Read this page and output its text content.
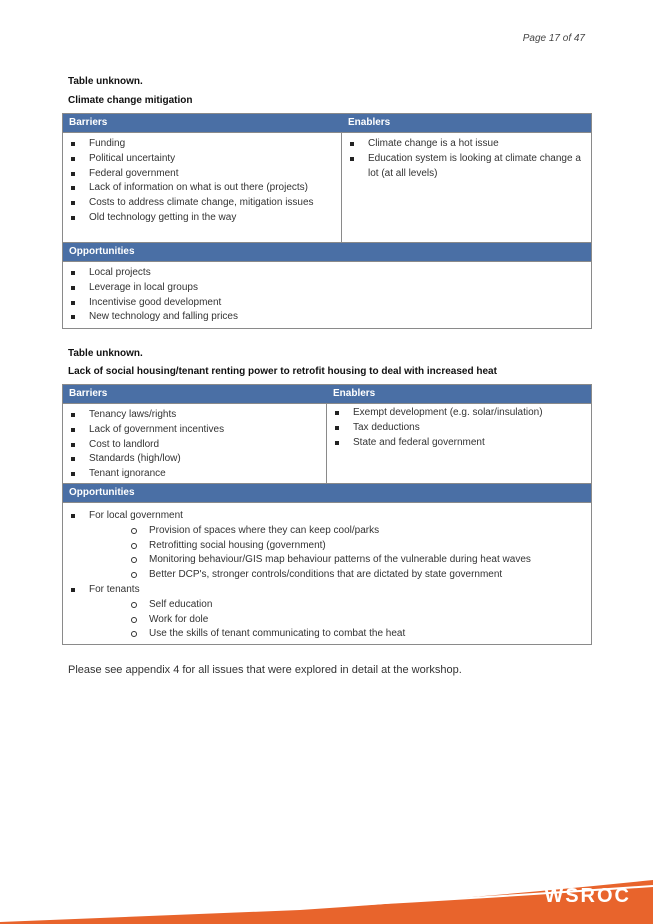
Page 17 of 47
Table unknown.
Climate change mitigation
Barriers	Enablers
Funding
Political uncertainty
Federal government
Lack of information on what is out there (projects)
Costs to address climate change, mitigation issues
Old technology getting in the way
Climate change is a hot issue
Education system is looking at climate change a lot (at all levels)
Opportunities
Local projects
Leverage in local groups
Incentivise good development
New technology and falling prices
Table unknown.
Lack of social housing/tenant renting power to retrofit housing to deal with increased heat
Barriers	Enablers
Tenancy laws/rights
Lack of government incentives
Cost to landlord
Standards (high/low)
Tenant ignorance
Exempt development (e.g. solar/insulation)
Tax deductions
State and federal government
Opportunities
For local government
Provision of spaces where they can keep cool/parks
Retrofitting social housing (government)
Monitoring behaviour/GIS map behaviour patterns of the vulnerable during heat waves
Better DCP's, stronger controls/conditions that are dictated by state government
For tenants
Self education
Work for dole
Use the skills of tenant communicating to combat the heat
Please see appendix 4 for all issues that were explored in detail at the workshop.
WSROC
